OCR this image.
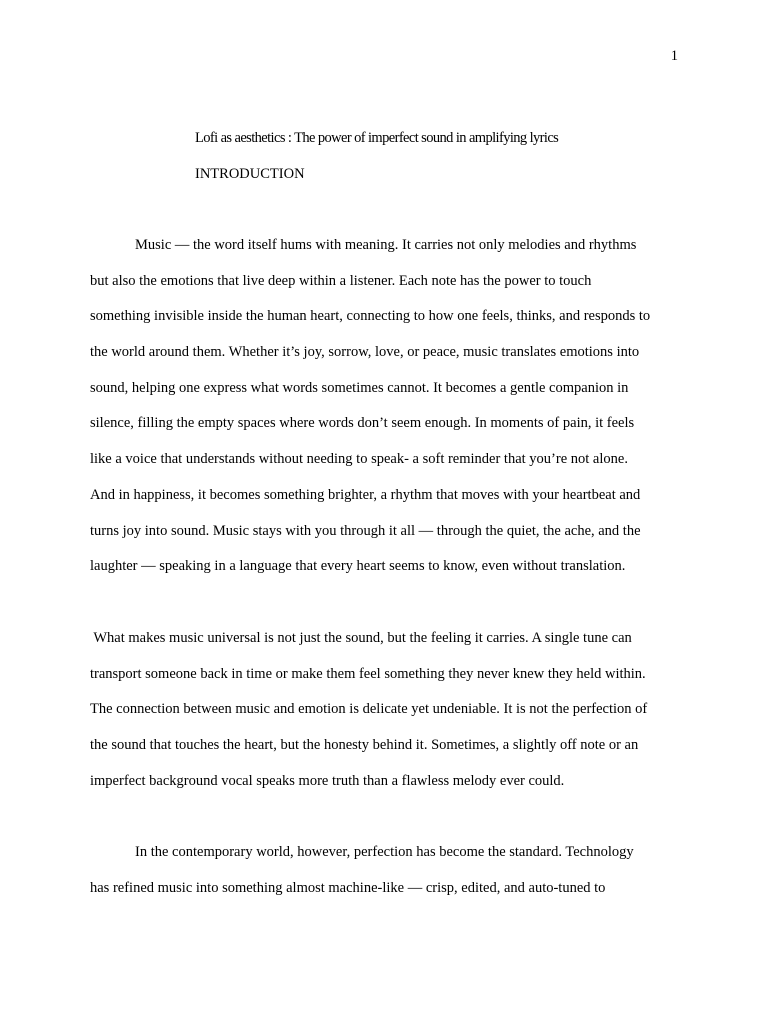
1
Lofi as aesthetics : The power of imperfect sound in amplifying lyrics
INTRODUCTION
Music — the word itself hums with meaning. It carries not only melodies and rhythms
but also the emotions that live deep within a listener. Each note has the power to touch
something invisible inside the human heart, connecting to how one feels, thinks, and responds to
the world around them. Whether it’s joy, sorrow, love, or peace, music translates emotions into
sound, helping one express what words sometimes cannot. It becomes a gentle companion in
silence, filling the empty spaces where words don’t seem enough. In moments of pain, it feels
like a voice that understands without needing to speak- a soft reminder that you’re not alone.
And in happiness, it becomes something brighter, a rhythm that moves with your heartbeat and
turns joy into sound. Music stays with you through it all — through the quiet, the ache, and the
laughter — speaking in a language that every heart seems to know, even without translation.
What makes music universal is not just the sound, but the feeling it carries. A single tune can
transport someone back in time or make them feel something they never knew they held within.
The connection between music and emotion is delicate yet undeniable. It is not the perfection of
the sound that touches the heart, but the honesty behind it. Sometimes, a slightly off note or an
imperfect background vocal speaks more truth than a flawless melody ever could.
In the contemporary world, however, perfection has become the standard. Technology
has refined music into something almost machine-like — crisp, edited, and auto-tuned to
